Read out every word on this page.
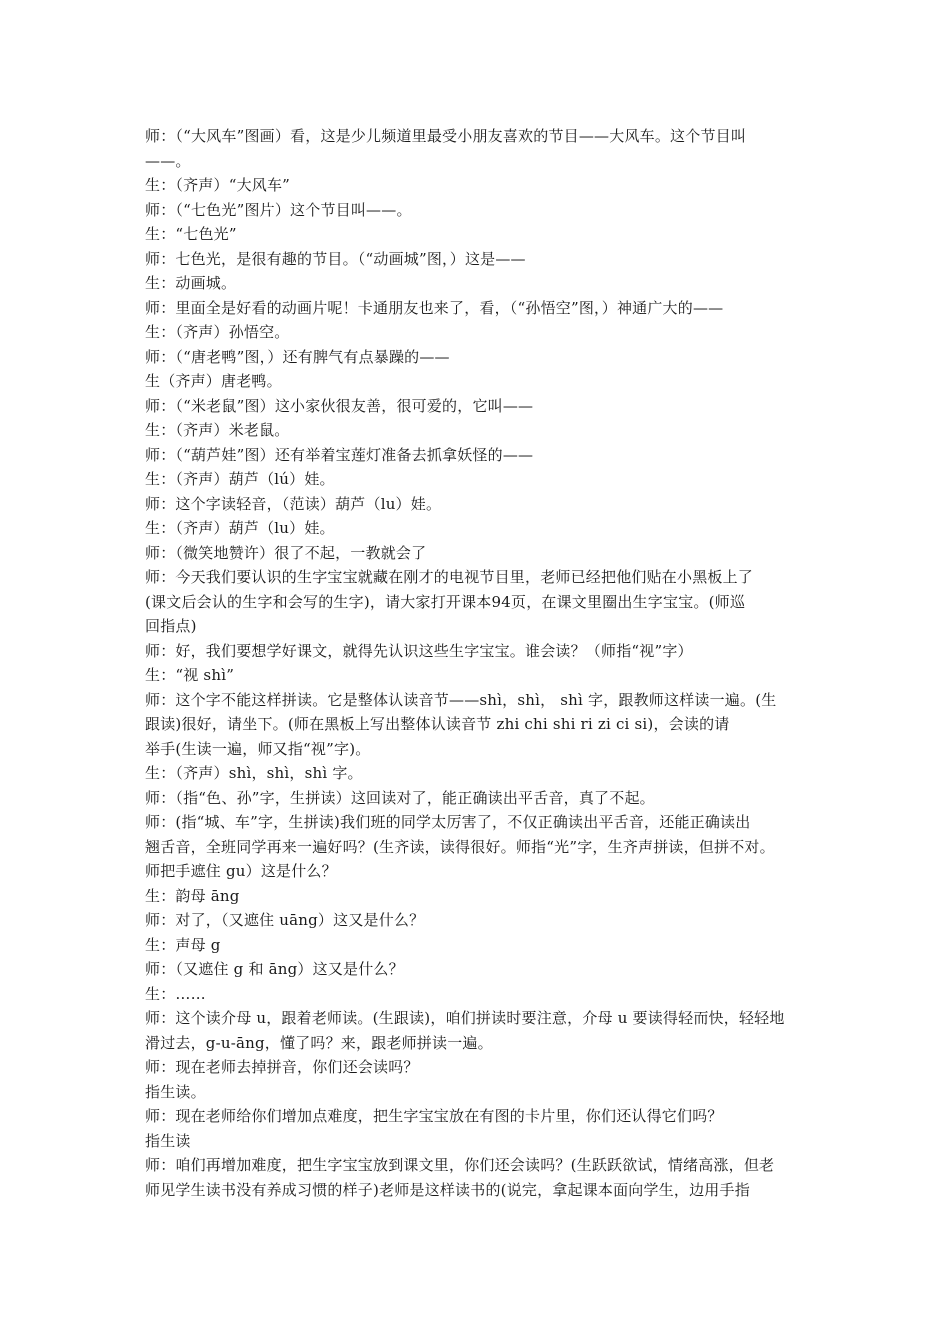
师：（“大风车”图画）看，这是少儿频道里最受小朋友喜欢的节目——大风车。这个节目叫

——。

生：（齐声）“大风车”

师：（“七色光”图片）这个节目叫——。

生：“七色光”

师：七色光，是很有趣的节目。（“动画城”图，）这是——

生：动画城。

师：里面全是好看的动画片呢！卡通朋友也来了，看，（“孙悟空”图，）神通广大的——

生：（齐声）孙悟空。

师：（“唐老鸭”图，）还有脾气有点暴躁的——

生（齐声）唐老鸭。

师：（“米老鼠”图）这小家伙很友善，很可爱的，它叫——

生：（齐声）米老鼠。

师：（“葫芦娃”图）还有举着宝莲灯准备去抓拿妖怪的——

生：（齐声）葫芦（lú）娃。

师：这个字读轻音，（范读）葫芦（lu）娃。

生：（齐声）葫芦（lu）娃。

师：（微笑地赞许）很了不起，一教就会了

师：今天我们要认识的生字宝宝就藏在刚才的电视节目里，老师已经把他们贴在小黑板上了

(课文后会认的生字和会写的生字)，请大家打开课本94页，在课文里圈出生字宝宝。(师巡

回指点)

师：好，我们要想学好课文，就得先认识这些生字宝宝。谁会读？（师指“视”字）

生：“视 shì”

师：这个字不能这样拼读。它是整体认读音节——shì，shì， shì 字，跟教师这样读一遍。(生

跟读)很好，请坐下。(师在黑板上写出整体认读音节 zhi chi shi ri zi ci si)，会读的请

举手(生读一遍，师又指“视”字)。

生：（齐声）shì，shì，shì 字。

师：（指“色、孙”字，生拼读）这回读对了，能正确读出平舌音，真了不起。

师：(指“城、车”字，生拼读)我们班的同学太厉害了，不仅正确读出平舌音，还能正确读出

翘舌音，全班同学再来一遍好吗？(生齐读，读得很好。师指“光”字，生齐声拼读，但拼不对。

师把手遮住 gu）这是什么？

生：韵母 āng

师：对了，（又遮住 uāng）这又是什么？

生：声母 g

师：（又遮住 g 和 āng）这又是什么？

生：……

师：这个读介母 u，跟着老师读。(生跟读)，咱们拼读时要注意，介母 u 要读得轻而快，轻轻地

滑过去，g-u-āng，懂了吗？来，跟老师拼读一遍。

师：现在老师去掉拼音，你们还会读吗？

指生读。

师：现在老师给你们增加点难度，把生字宝宝放在有图的卡片里，你们还认得它们吗？

指生读

师：咱们再增加难度，把生字宝宝放到课文里，你们还会读吗？(生跃跃欲试，情绪高涨，但老

师见学生读书没有养成习惯的样子)老师是这样读书的(说完，拿起课本面向学生，边用手指
